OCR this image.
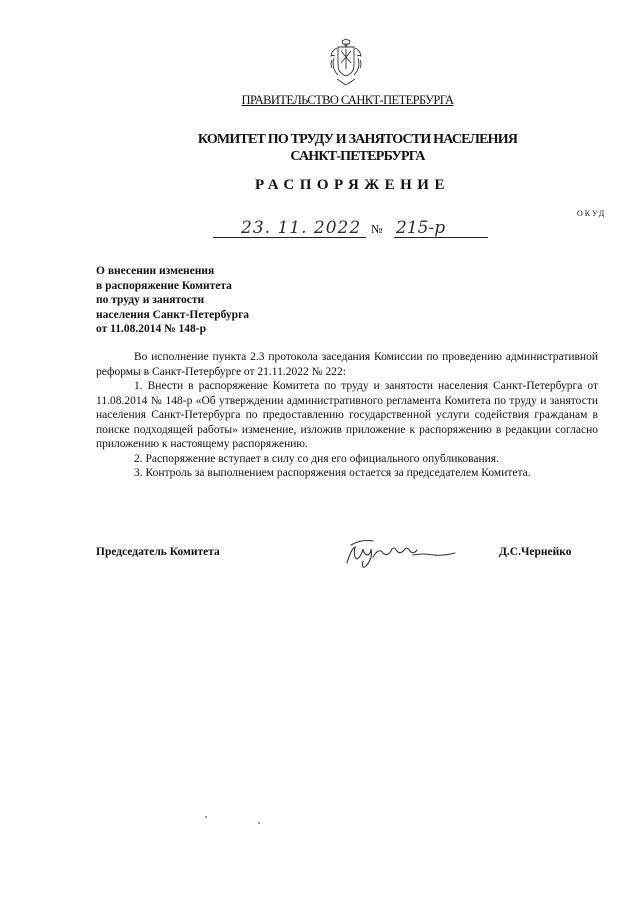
ПРАВИТЕЛЬСТВО САНКТ-ПЕТЕРБУРГА
КОМИТЕТ ПО ТРУДУ И ЗАНЯТОСТИ НАСЕЛЕНИЯ
САНКТ-ПЕТЕРБУРГА
РАСПОРЯЖЕНИЕ
ОКУД
23. 11. 2022 № 215-р
О внесении изменения
в распоряжение Комитета
по труду и занятости
населения Санкт-Петербурга
от 11.08.2014 № 148-р

Во исполнение пункта 2.3 протокола заседания Комиссии по проведению административной реформы в Санкт-Петербурге от 21.11.2022 № 222:

1. Внести в распоряжение Комитета по труду и занятости населения Санкт-Петербурга от 11.08.2014 № 148-р «Об утверждении административного регламента Комитета по труду и занятости населения Санкт-Петербурга по предоставлению государственной услуги содействия гражданам в поиске подходящей работы» изменение, изложив приложение к распоряжению в редакции согласно приложению к настоящему распоряжению.

2. Распоряжение вступает в силу со дня его официального опубликования.

3. Контроль за выполнением распоряжения остается за председателем Комитета.

Председатель Комитета	Д.С.Чернейко
